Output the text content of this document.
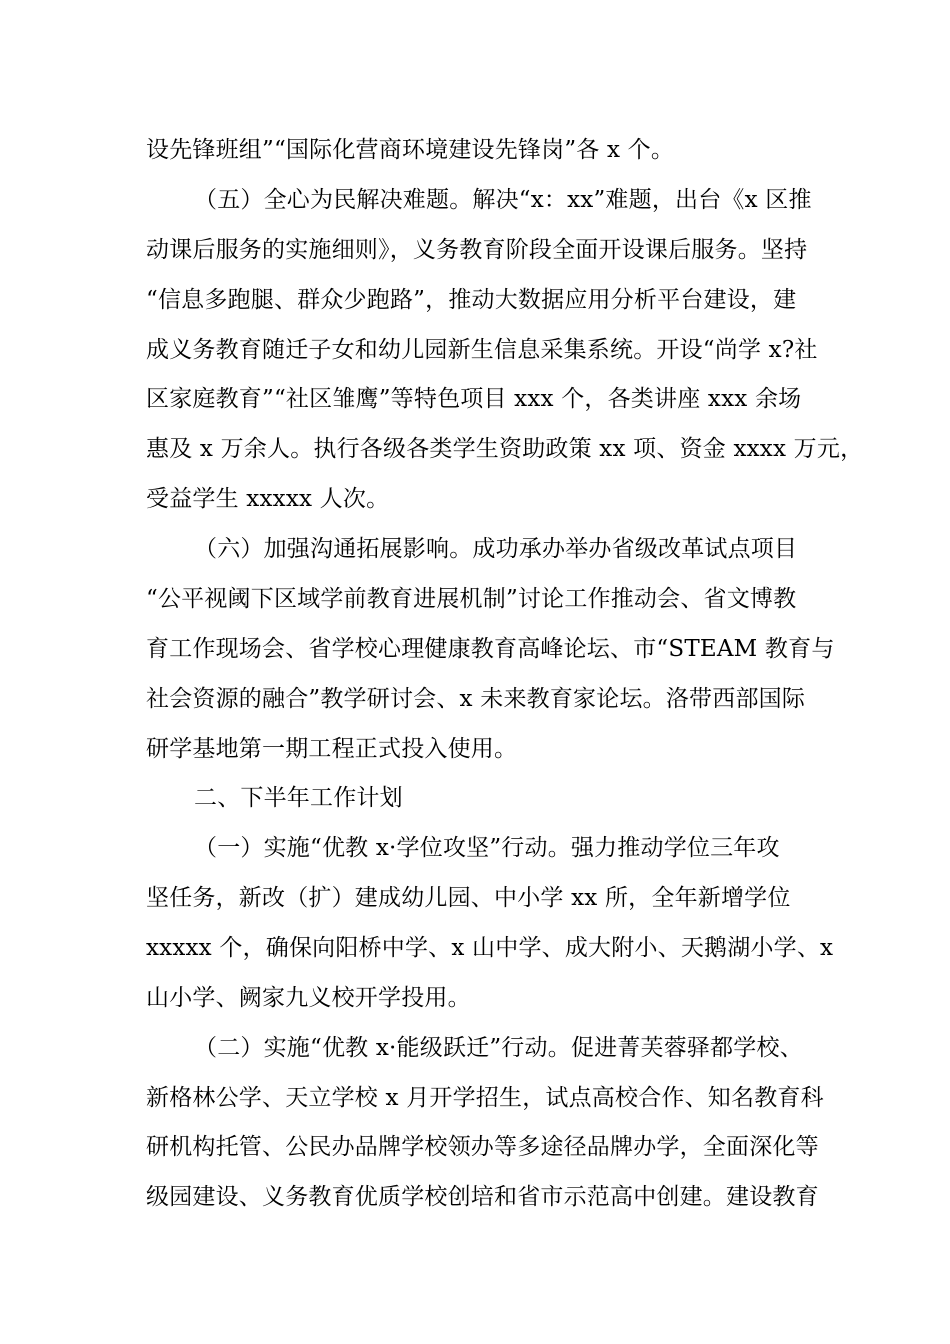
设先锋班组”“国际化营商环境建设先锋岗”各 x 个。
（五）全心为民解决难题。解决“x：xx”难题，出台《x 区推
动课后服务的实施细则》，义务教育阶段全面开设课后服务。坚持
“信息多跑腿、群众少跑路”，推动大数据应用分析平台建设，建
成义务教育随迁子女和幼儿园新生信息采集系统。开设“尚学 x?社
区家庭教育”“社区雏鹰”等特色项目 xxx 个，各类讲座 xxx 余场
惠及 x 万余人。执行各级各类学生资助政策 xx 项、资金 xxxx 万元，
受益学生 xxxxx 人次。
（六）加强沟通拓展影响。成功承办举办省级改革试点项目
“公平视阈下区域学前教育进展机制”讨论工作推动会、省文博教
育工作现场会、省学校心理健康教育高峰论坛、市“STEAM 教育与
社会资源的融合”教学研讨会、x 未来教育家论坛。洛带西部国际
研学基地第一期工程正式投入使用。
二、下半年工作计划
（一）实施“优教 x·学位攻坚”行动。强力推动学位三年攻
坚任务，新改（扩）建成幼儿园、中小学 xx 所，全年新增学位
xxxxx 个，确保向阳桥中学、x 山中学、成大附小、天鹅湖小学、x
山小学、阙家九义校开学投用。
（二）实施“优教 x·能级跃迁”行动。促进菁芙蓉驿都学校、
新格林公学、天立学校 x 月开学招生，试点高校合作、知名教育科
研机构托管、公民办品牌学校领办等多途径品牌办学，全面深化等
级园建设、义务教育优质学校创培和省市示范高中创建。建设教育
